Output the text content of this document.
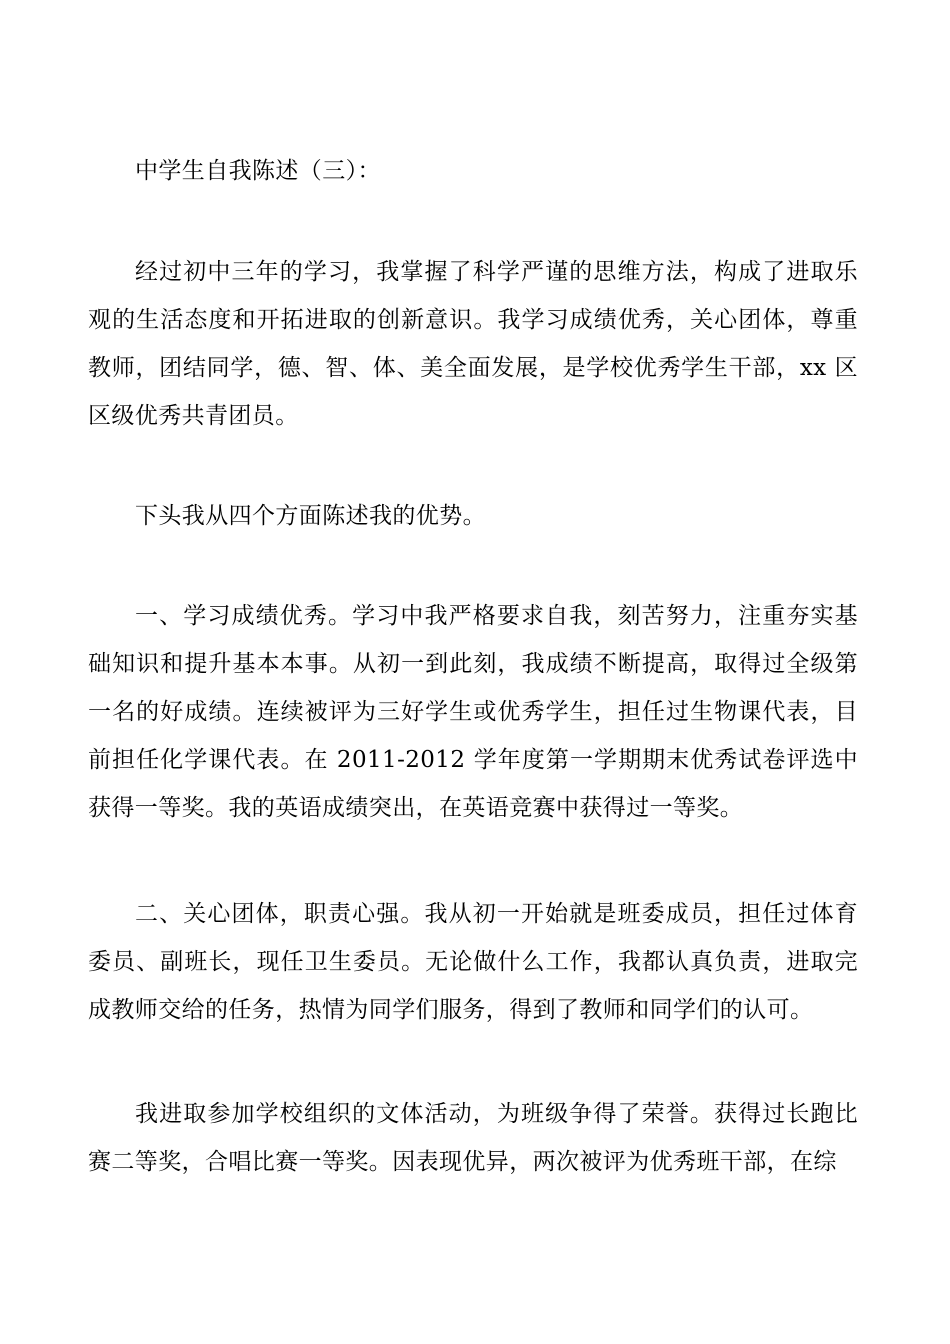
中学生自我陈述（三）：

经过初中三年的学习，我掌握了科学严谨的思维方法，构成了进取乐观的生活态度和开拓进取的创新意识。我学习成绩优秀，关心团体，尊重教师，团结同学，德、智、体、美全面发展，是学校优秀学生干部，xx 区区级优秀共青团员。

下头我从四个方面陈述我的优势。

一、学习成绩优秀。学习中我严格要求自我，刻苦努力，注重夯实基础知识和提升基本本事。从初一到此刻，我成绩不断提高，取得过全级第一名的好成绩。连续被评为三好学生或优秀学生，担任过生物课代表，目前担任化学课代表。在 2011-2012 学年度第一学期期末优秀试卷评选中获得一等奖。我的英语成绩突出，在英语竞赛中获得过一等奖。

二、关心团体，职责心强。我从初一开始就是班委成员，担任过体育委员、副班长，现任卫生委员。无论做什么工作，我都认真负责，进取完成教师交给的任务，热情为同学们服务，得到了教师和同学们的认可。

我进取参加学校组织的文体活动，为班级争得了荣誉。获得过长跑比赛二等奖，合唱比赛一等奖。因表现优异，两次被评为优秀班干部，在综
